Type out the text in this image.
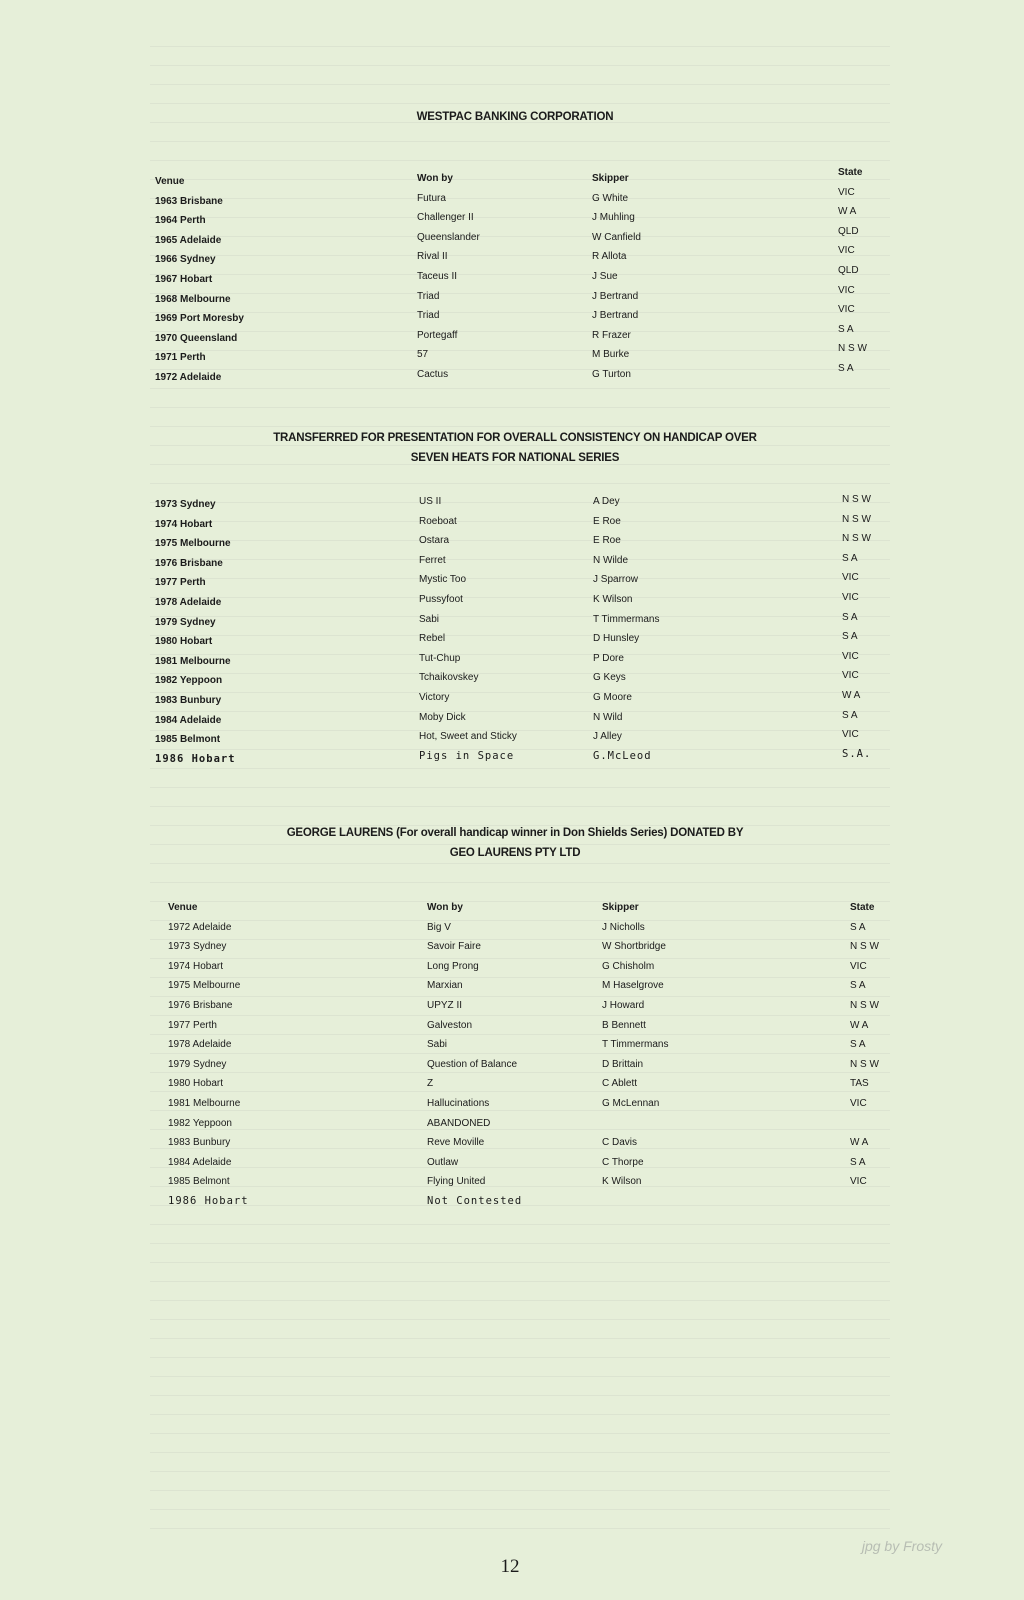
WESTPAC BANKING CORPORATION
Venue
1963 Brisbane
1964 Perth
1965 Adelaide
1966 Sydney
1967 Hobart
1968 Melbourne
1969 Port Moresby
1970 Queensland
1971 Perth
1972 Adelaide
Won by
Futura
Challenger II
Queenslander
Rival II
Taceus II
Triad
Triad
Portegaff
57
Cactus
Skipper
G White
J Muhling
W Canfield
R Allota
J Sue
J Bertrand
J Bertrand
R Frazer
M Burke
G Turton
State
VIC
W A
QLD
VIC
QLD
VIC
VIC
S A
N S W
S A
TRANSFERRED FOR PRESENTATION FOR OVERALL CONSISTENCY ON HANDICAP OVER
SEVEN HEATS FOR NATIONAL SERIES
1973 Sydney
1974 Hobart
1975 Melbourne
1976 Brisbane
1977 Perth
1978 Adelaide
1979 Sydney
1980 Hobart
1981 Melbourne
1982 Yeppoon
1983 Bunbury
1984 Adelaide
1985 Belmont
1986 Hobart
US II
Roeboat
Ostara
Ferret
Mystic Too
Pussyfoot
Sabi
Rebel
Tut-Chup
Tchaikovskey
Victory
Moby Dick
Hot, Sweet and Sticky
Pigs in Space
A Dey
E Roe
E Roe
N Wilde
J Sparrow
K Wilson
T Timmermans
D Hunsley
P Dore
G Keys
G Moore
N Wild
J Alley
G.McLeod
N S W
N S W
N S W
S A
VIC
VIC
S A
S A
VIC
VIC
W A
S A
VIC
S.A.
GEORGE LAURENS (For overall handicap winner in Don Shields Series) DONATED BY
GEO LAURENS PTY LTD
Venue
1972 Adelaide
1973 Sydney
1974 Hobart
1975 Melbourne
1976 Brisbane
1977 Perth
1978 Adelaide
1979 Sydney
1980 Hobart
1981 Melbourne
1982 Yeppoon
1983 Bunbury
1984 Adelaide
1985 Belmont
1986 Hobart
Won by
Big V
Savoir Faire
Long Prong
Marxian
UPYZ II
Galveston
Sabi
Question of Balance
Z
Hallucinations
ABANDONED
Reve Moville
Outlaw
Flying United
Not Contested
Skipper
J Nicholls
W Shortbridge
G Chisholm
M Haselgrove
J Howard
B Bennett
T Timmermans
D Brittain
C Ablett
G McLennan
C Davis
C Thorpe
K Wilson
State
S A
N S W
VIC
S A
N S W
W A
S A
N S W
TAS
VIC
W A
S A
VIC
12
jpg by Frosty
